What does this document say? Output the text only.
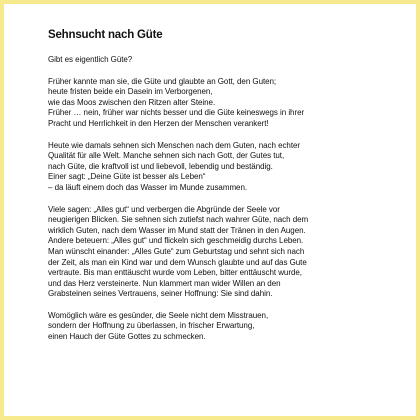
Sehnsucht nach Güte
Gibt es eigentlich Güte?
Früher kannte man sie, die Güte und glaubte an Gott, den Guten;
heute fristen beide ein Dasein im Verborgenen,
wie das Moos zwischen den Ritzen alter Steine.
Früher … nein, früher war nichts besser und die Güte keineswegs in ihrer
Pracht und Herrlichkeit in den Herzen der Menschen verankert!
Heute wie damals sehnen sich Menschen nach dem Guten, nach echter
Qualität für alle Welt. Manche sehnen sich nach Gott, der Gutes tut,
nach Güte, die kraftvoll ist und liebevoll, lebendig und beständig.
Einer sagt: „Deine Güte ist besser als Leben“
– da läuft einem doch das Wasser im Munde zusammen.
Viele sagen: „Alles gut“ und verbergen die Abgründe der Seele vor
neugierigen Blicken. Sie sehnen sich zutiefst nach wahrer Güte, nach dem
wirklich Guten, nach dem Wasser im Mund statt der Tränen in den Augen.
Andere beteuern: „Alles gut“ und flickeln sich geschmeidig durchs Leben.
Man wünscht einander: „Alles Gute“ zum Geburtstag und sehnt sich nach
der Zeit, als man ein Kind war und dem Wunsch glaubte und auf das Gute
vertraute. Bis man enttäuscht wurde vom Leben, bitter enttäuscht wurde,
und das Herz versteinerte. Nun klammert man wider Willen an den
Grabsteinen seines Vertrauens, seiner Hoffnung: Sie sind dahin.
Womöglich wäre es gesünder, die Seele nicht dem Misstrauen,
sondern der Hoffnung zu überlassen, in frischer Erwartung,
einen Hauch der Güte Gottes zu schmecken.
